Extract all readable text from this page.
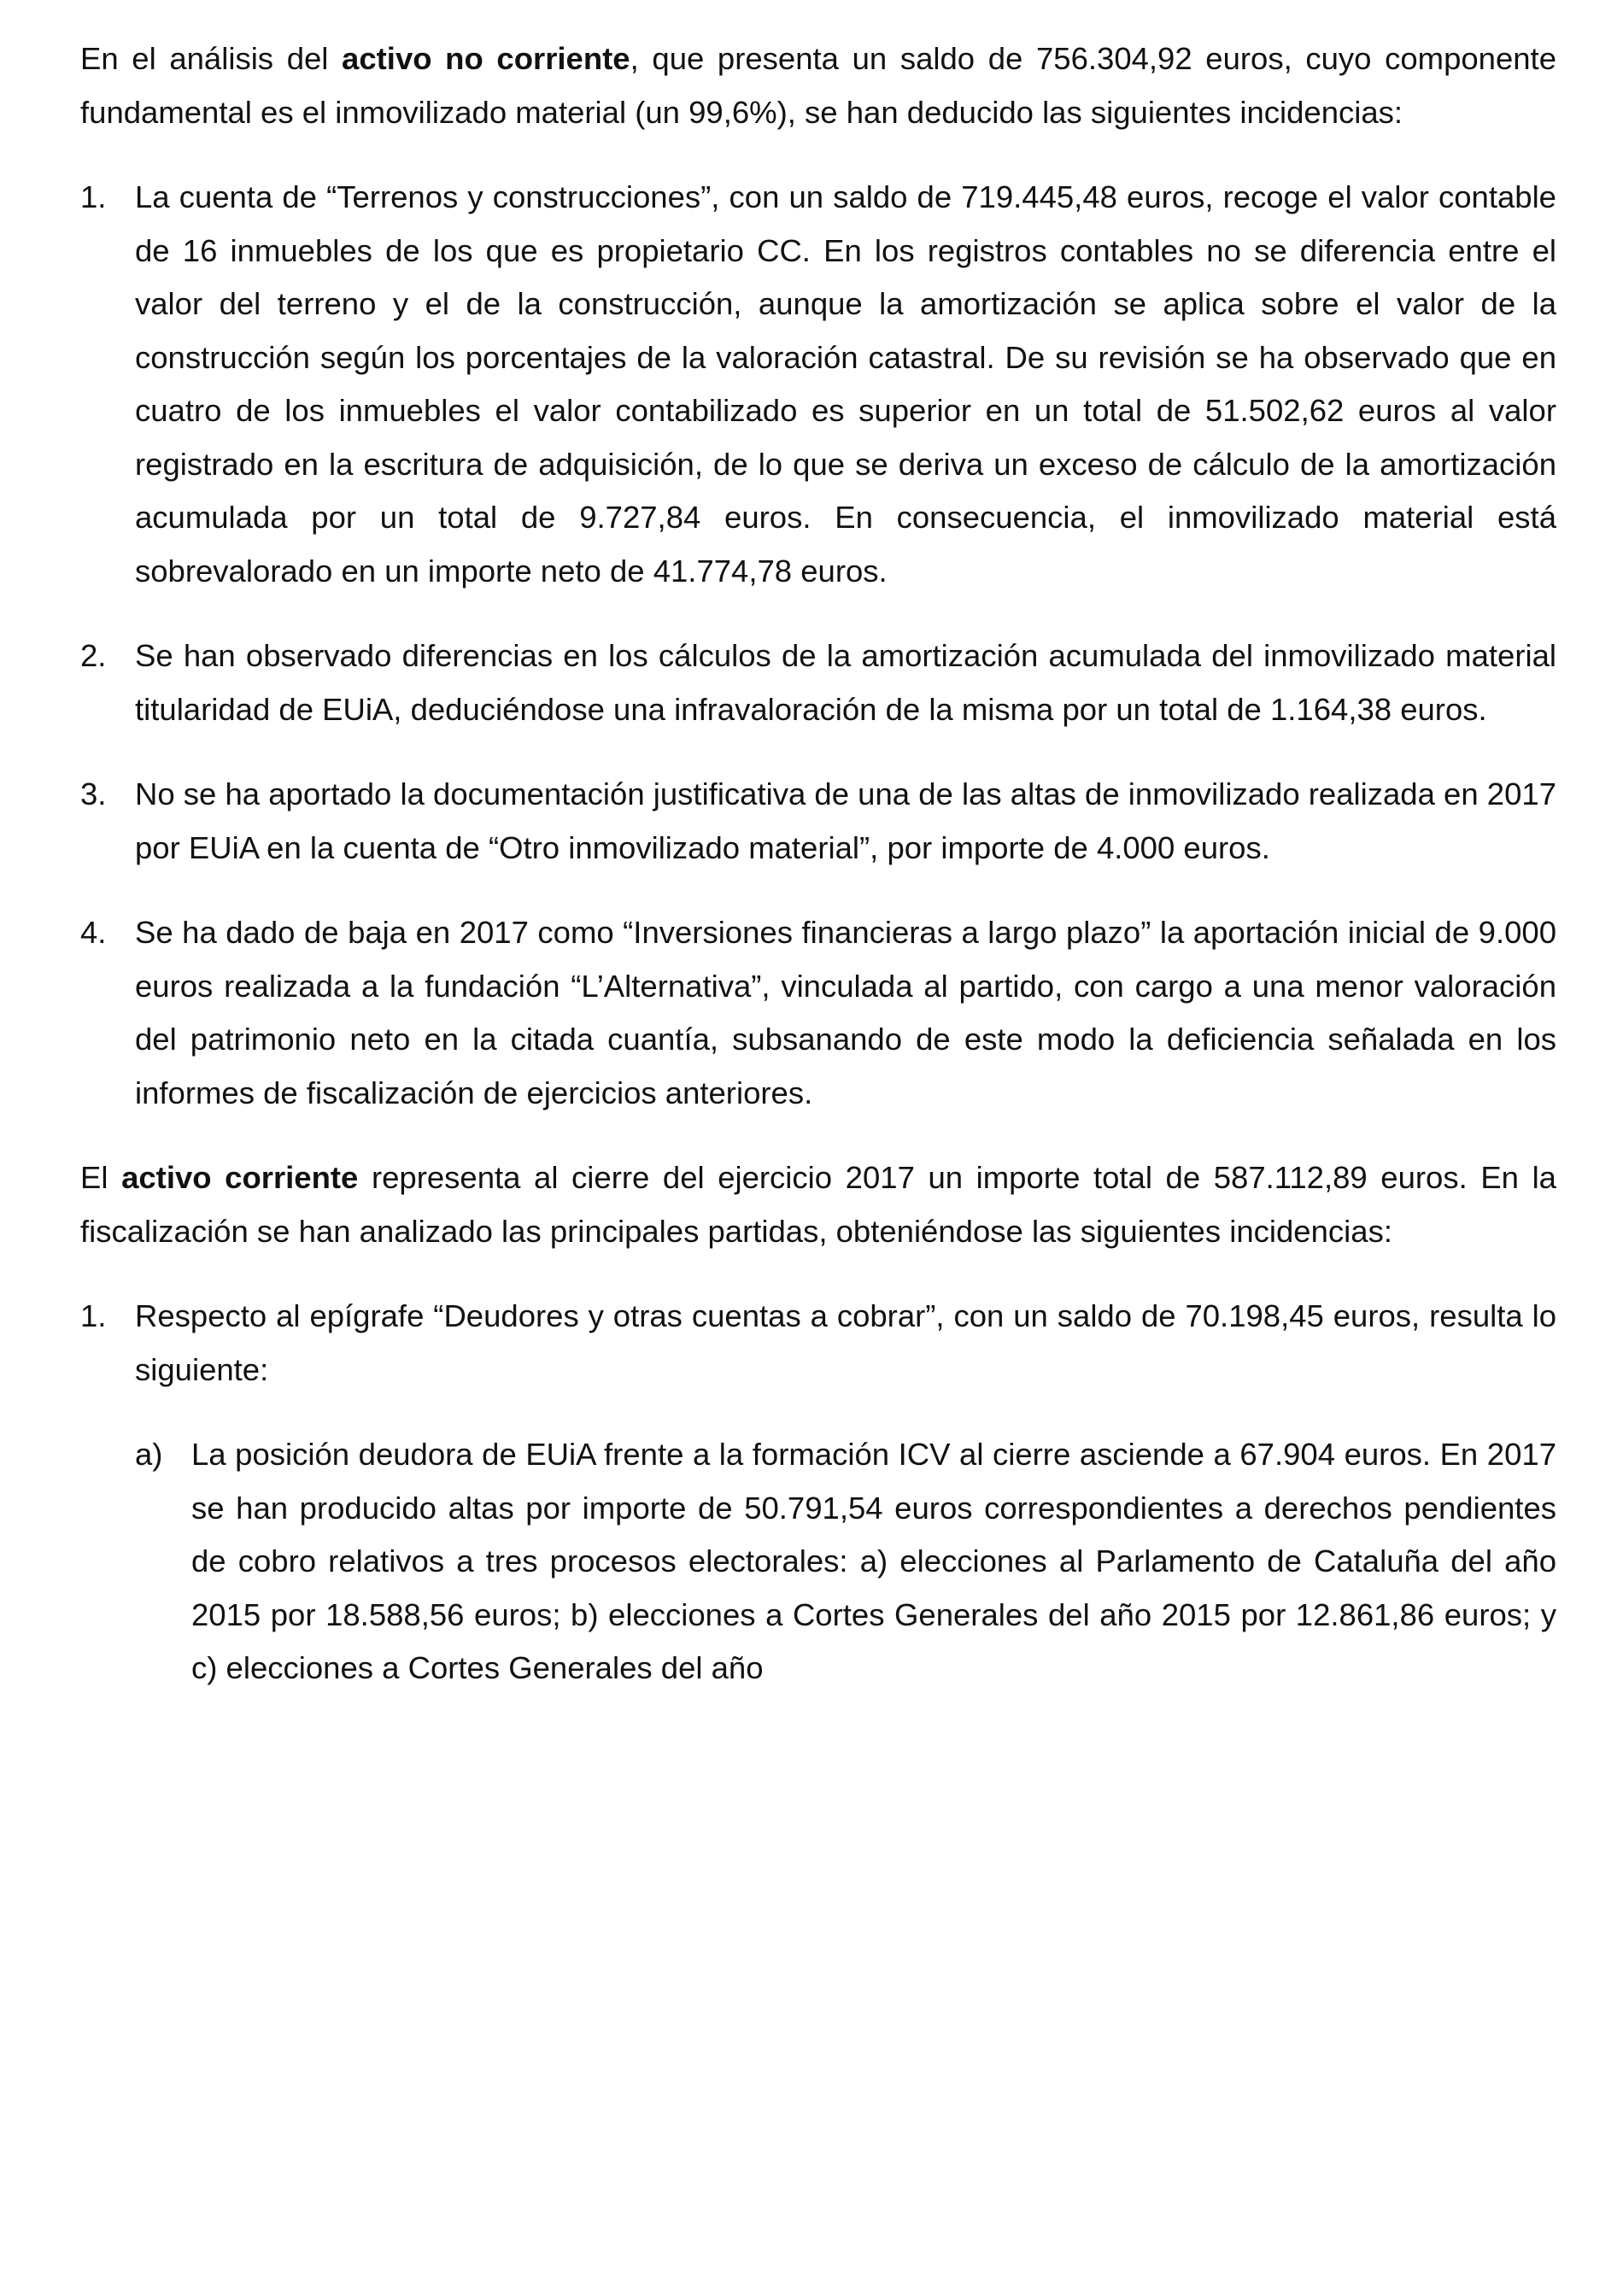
En el análisis del activo no corriente, que presenta un saldo de 756.304,92 euros, cuyo componente fundamental es el inmovilizado material (un 99,6%), se han deducido las siguientes incidencias:

1. La cuenta de “Terrenos y construcciones”, con un saldo de 719.445,48 euros, recoge el valor contable de 16 inmuebles de los que es propietario CC. En los registros contables no se diferencia entre el valor del terreno y el de la construcción, aunque la amortización se aplica sobre el valor de la construcción según los porcentajes de la valoración catastral. De su revisión se ha observado que en cuatro de los inmuebles el valor contabilizado es superior en un total de 51.502,62 euros al valor registrado en la escritura de adquisición, de lo que se deriva un exceso de cálculo de la amortización acumulada por un total de 9.727,84 euros. En consecuencia, el inmovilizado material está sobrevalorado en un importe neto de 41.774,78 euros.
2. Se han observado diferencias en los cálculos de la amortización acumulada del inmovilizado material titularidad de EUiA, deduciéndose una infravaloración de la misma por un total de 1.164,38 euros.
3. No se ha aportado la documentación justificativa de una de las altas de inmovilizado realizada en 2017 por EUiA en la cuenta de “Otro inmovilizado material”, por importe de 4.000 euros.
4. Se ha dado de baja en 2017 como “Inversiones financieras a largo plazo” la aportación inicial de 9.000 euros realizada a la fundación “L’Alternativa”, vinculada al partido, con cargo a una menor valoración del patrimonio neto en la citada cuantía, subsanando de este modo la deficiencia señalada en los informes de fiscalización de ejercicios anteriores.

El activo corriente representa al cierre del ejercicio 2017 un importe total de 587.112,89 euros. En la fiscalización se han analizado las principales partidas, obteniéndose las siguientes incidencias:

1. Respecto al epígrafe “Deudores y otras cuentas a cobrar”, con un saldo de 70.198,45 euros, resulta lo siguiente:
a) La posición deudora de EUiA frente a la formación ICV al cierre asciende a 67.904 euros. En 2017 se han producido altas por importe de 50.791,54 euros correspondientes a derechos pendientes de cobro relativos a tres procesos electorales: a) elecciones al Parlamento de Cataluña del año 2015 por 18.588,56 euros; b) elecciones a Cortes Generales del año 2015 por 12.861,86 euros; y c) elecciones a Cortes Generales del año
